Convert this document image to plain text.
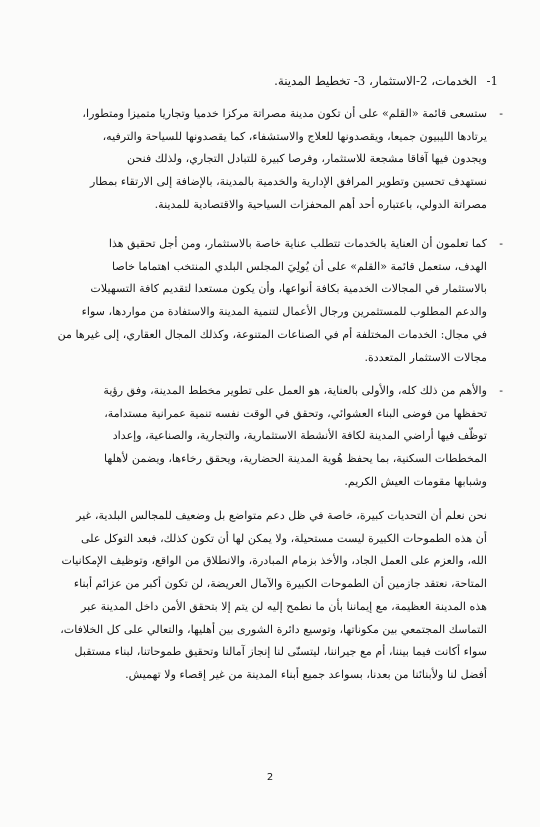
1- الخدمات، 2-الاستثمار، 3- تخطيط المدينة.
-

ستسعى قائمة «القلم» على أن تكون مدينة مصراتة مركزا خدميا وتجاريا متميزا ومتطورا،
يرتادها الليبيون جميعا، ويقصدونها للعلاج والاستشفاء، كما يقصدونها للسياحة والترفيه،
ويجدون فيها آفاقا مشجعة للاستثمار، وفرصا كبيرة للتبادل التجاري، ولذلك فنحن
نستهدف تحسين وتطوير المرافق الإدارية والخدمية بالمدينة، بالإضافة إلى الارتقاء بمطار
مصراتة الدولي، باعتباره أحد أهم المحفزات السياحية والاقتصادية للمدينة.

-

كما تعلمون أن العناية بالخدمات تتطلب عناية خاصة بالاستثمار، ومن أجل تحقيق هذا
الهدف، ستعمل قائمة «القلم» على أن يُولِيَ المجلس البلدي المنتخب اهتماما خاصا
بالاستثمار في المجالات الخدمية بكافة أنواعها، وأن يكون مستعدا لتقديم كافة التسهيلات
والدعم المطلوب للمستثمرين ورجال الأعمال لتنمية المدينة والاستفادة من مواردها، سواء
في مجال: الخدمات المختلفة أم في الصناعات المتنوعة، وكذلك المجال العقاري، إلى غيرها من
مجالات الاستثمار المتعددة.

-

والأهم من ذلك كله، والأولى بالعناية، هو العمل على تطوير مخطط المدينة، وفق رؤية
تحفظها من فوضى البناء العشوائي، وتحقق في الوقت نفسه تنمية عمرانية مستدامة،
توظّف فيها أراضي المدينة لكافة الأنشطة الاستثمارية، والتجارية، والصناعية، وإعداد
المخططات السكنية، بما يحفظ هُوية المدينة الحضارية، ويحقق رخاءها، ويضمن لأهلها
وشبابها مقومات العيش الكريم.

نحن نعلم أن التحديات كبيرة، خاصة في ظل دعم متواضع بل وضعيف للمجالس البلدية، غير
أن هذه الطموحات الكبيرة ليست مستحيلة، ولا يمكن لها أن تكون كذلك، فبعد التوكل على
الله، والعزم على العمل الجاد، والأخذ بزمام المبادرة، والانطلاق من الواقع، وتوظيف الإمكانيات
المتاحة، نعتقد جازمين أن الطموحات الكبيرة والآمال العريضة، لن تكون أكبر من عزائم أبناء
هذه المدينة العظيمة، مع إيماننا بأن ما نطمح إليه لن يتم إلا بتحقق الأمن داخل المدينة عبر
التماسك المجتمعي بين مكوناتها، وتوسيع دائرة الشورى بين أهليها، والتعالي على كل الخلافات،
سواء أكانت فيما بيننا، أم مع جيراننا، ليتسنّى لنا إنجاز آمالنا وتحقيق طموحاتنا، لبناء مستقبل
أفضل لنا ولأبنائنا من بعدنا، بسواعد جميع أبناء المدينة من غير إقصاء ولا تهميش.

2
